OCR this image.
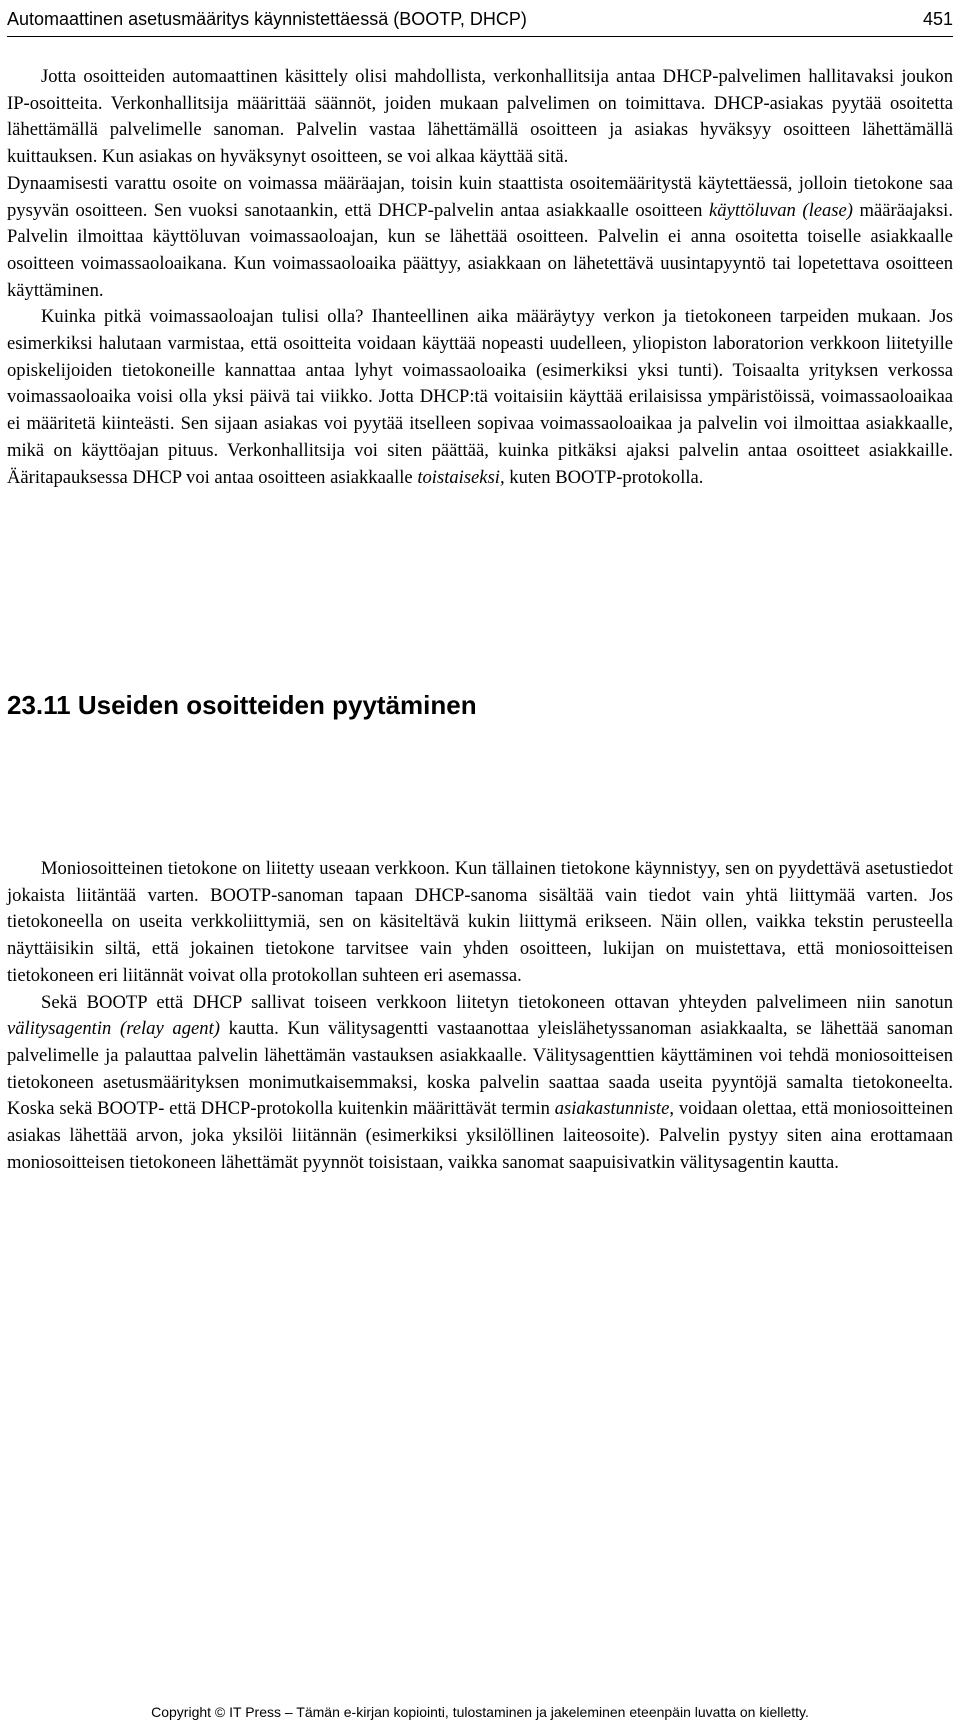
Automaattinen asetusmääritys käynnistettäessä (BOOTP, DHCP)	451

Jotta osoitteiden automaattinen käsittely olisi mahdollista, verkonhallitsija antaa DHCP-palvelimen hallitavaksi joukon IP-osoitteita. Verkonhallitsija määrittää säännöt, joiden mukaan palvelimen on toimittava. DHCP-asiakas pyytää osoitetta lähettämällä palvelimelle sanoman. Palvelin vastaa lähettämällä osoitteen ja asiakas hyväksyy osoitteen lähettämällä kuittauksen. Kun asiakas on hyväksynyt osoitteen, se voi alkaa käyttää sitä.

Dynaamisesti varattu osoite on voimassa määräajan, toisin kuin staattista osoitemääritystä käytettäessä, jolloin tietokone saa pysyvän osoitteen. Sen vuoksi sanotaankin, että DHCP-palvelin antaa asiakkaalle osoitteen käyttöluvan (lease) määräajaksi. Palvelin ilmoittaa käyttöluvan voimassaoloajan, kun se lähettää osoitteen. Palvelin ei anna osoitetta toiselle asiakkaalle osoitteen voimassaoloaikana. Kun voimassaoloaika päättyy, asiakkaan on lähetettävä uusintapyyntö tai lopetettava osoitteen käyttäminen.

Kuinka pitkä voimassaoloajan tulisi olla? Ihanteellinen aika määräytyy verkon ja tietokoneen tarpeiden mukaan. Jos esimerkiksi halutaan varmistaa, että osoitteita voidaan käyttää nopeasti uudelleen, yliopiston laboratorion verkkoon liitetyille opiskelijoiden tietokoneille kannattaa antaa lyhyt voimassaoloaika (esimerkiksi yksi tunti). Toisaalta yrityksen verkossa voimassaoloaika voisi olla yksi päivä tai viikko. Jotta DHCP:tä voitaisiin käyttää erilaisissa ympäristöissä, voimassaoloaikaa ei määritetä kiinteästi. Sen sijaan asiakas voi pyytää itselleen sopivaa voimassaoloaikaa ja palvelin voi ilmoittaa asiakkaalle, mikä on käyttöajan pituus. Verkonhallitsija voi siten päättää, kuinka pitkäksi ajaksi palvelin antaa osoitteet asiakkaille. Ääritapauksessa DHCP voi antaa osoitteen asiakkaalle toistaiseksi, kuten BOOTP-protokolla.

23.11 Useiden osoitteiden pyytäminen

Moniosoitteinen tietokone on liitetty useaan verkkoon. Kun tällainen tietokone käynnistyy, sen on pyydettävä asetustiedot jokaista liitäntää varten. BOOTP-sanoman tapaan DHCP-sanoma sisältää vain tiedot vain yhtä liittymää varten. Jos tietokoneella on useita verkkoliittymiä, sen on käsiteltävä kukin liittymä erikseen. Näin ollen, vaikka tekstin perusteella näyttäisikin siltä, että jokainen tietokone tarvitsee vain yhden osoitteen, lukijan on muistettava, että moniosoitteisen tietokoneen eri liitännät voivat olla protokollan suhteen eri asemassa.

Sekä BOOTP että DHCP sallivat toiseen verkkoon liitetyn tietokoneen ottavan yhteyden palvelimeen niin sanotun välitysagentin (relay agent) kautta. Kun välitysagentti vastaanottaa yleislähetyssanoman asiakkaalta, se lähettää sanoman palvelimelle ja palauttaa palvelin lähettämän vastauksen asiakkaalle. Välitysagenttien käyttäminen voi tehdä moniosoitteisen tietokoneen asetusmäärityksen monimutkaisemmaksi, koska palvelin saattaa saada useita pyyntöjä samalta tietokoneelta. Koska sekä BOOTP- että DHCP-protokolla kuitenkin määrittävät termin asiakastunniste, voidaan olettaa, että moniosoitteinen asiakas lähettää arvon, joka yksilöi liitännän (esimerkiksi yksilöllinen laiteosoite). Palvelin pystyy siten aina erottamaan moniosoitteisen tietokoneen lähettämät pyynnöt toisistaan, vaikka sanomat saapuisivatkin välitysagentin kautta.

Copyright © IT Press – Tämän e-kirjan kopiointi, tulostaminen ja jakeleminen eteenpäin luvatta on kielletty.
